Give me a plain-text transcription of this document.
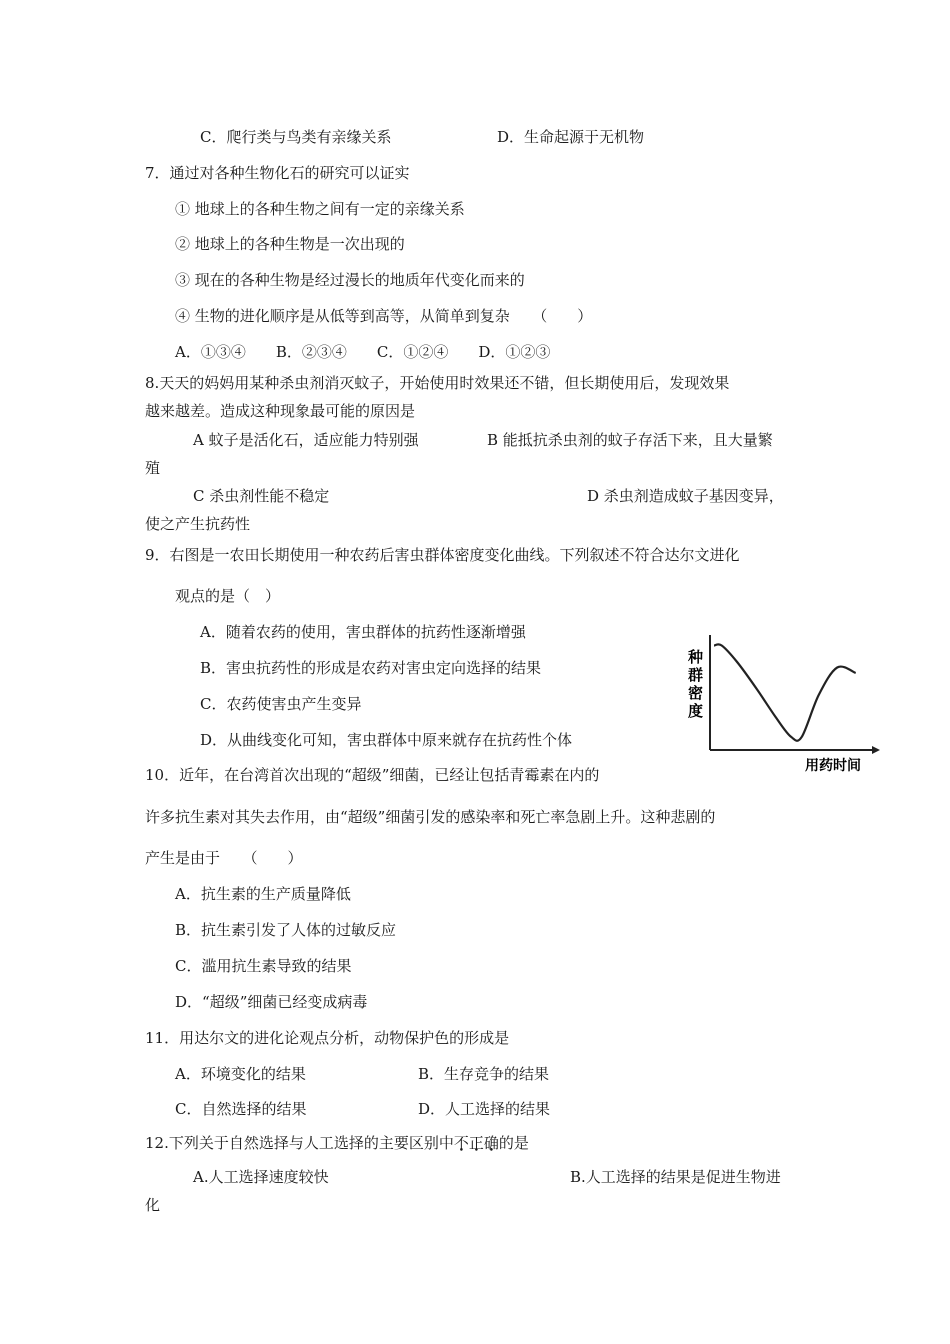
C．爬行类与鸟类有亲缘关系	D．生命起源于无机物
7．通过对各种生物化石的研究可以证实
① 地球上的各种生物之间有一定的亲缘关系
② 地球上的各种生物是一次出现的
③ 现在的各种生物是经过漫长的地质年代变化而来的
④ 生物的进化顺序是从低等到高等，从简单到复杂　　（　　）
A．①③④　　B．②③④　　C．①②④　　D．①②③
8.天天的妈妈用某种杀虫剂消灭蚊子，开始使用时效果还不错，但长期使用后，发现效果
越来越差。造成这种现象最可能的原因是
A 蚊子是活化石，适应能力特别强	B 能抵抗杀虫剂的蚊子存活下来，且大量繁
殖
C 杀虫剂性能不稳定	D 杀虫剂造成蚊子基因变异，
使之产生抗药性
9．右图是一农田长期使用一种农药后害虫群体密度变化曲线。下列叙述不符合达尔文进化
观点的是（　）
A．随着农药的使用，害虫群体的抗药性逐渐增强
B．害虫抗药性的形成是农药对害虫定向选择的结果
C．农药使害虫产生变异
D．从曲线变化可知，害虫群体中原来就存在抗药性个体
种
群
密
度
用药时间
10．近年，在台湾首次出现的“超级”细菌，已经让包括青霉素在内的
许多抗生素对其失去作用，由“超级”细菌引发的感染率和死亡率急剧上升。这种悲剧的
产生是由于　　（　　）
A．抗生素的生产质量降低
B．抗生素引发了人体的过敏反应
C．滥用抗生素导致的结果
D．“超级”细菌已经变成病毒
11．用达尔文的进化论观点分析，动物保护色的形成是
A．环境变化的结果	B．生存竞争的结果
C．自然选择的结果	D．人工选择的结果
12.下列关于自然选择与人工选择的主要区别中不正确的是
A.人工选择速度较快	B.人工选择的结果是促进生物进
化
